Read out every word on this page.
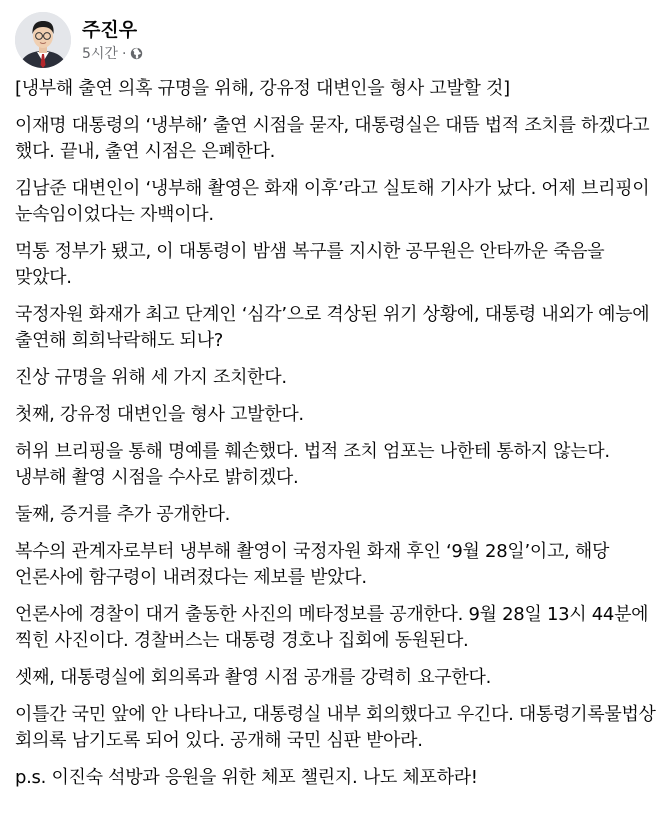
주진우
5시간 ·

[냉부해 출연 의혹 규명을 위해, 강유정 대변인을 형사 고발할 것]

이재명 대통령의 ‘냉부해’ 출연 시점을 묻자, 대통령실은 대뜸 법적 조치를 하겠다고 했다. 끝내, 출연 시점은 은폐한다.

김남준 대변인이 ‘냉부해 촬영은 화재 이후’라고 실토해 기사가 났다. 어제 브리핑이 눈속임이었다는 자백이다.

먹통 정부가 됐고, 이 대통령이 밤샘 복구를 지시한 공무원은 안타까운 죽음을 맞았다.

국정자원 화재가 최고 단계인 ‘심각’으로 격상된 위기 상황에, 대통령 내외가 예능에 출연해 희희낙락해도 되나?

진상 규명을 위해 세 가지 조치한다.

첫째, 강유정 대변인을 형사 고발한다.

허위 브리핑을 통해 명예를 훼손했다. 법적 조치 엄포는 나한테 통하지 않는다. 냉부해 촬영 시점을 수사로 밝히겠다.

둘째, 증거를 추가 공개한다.

복수의 관계자로부터 냉부해 촬영이 국정자원 화재 후인 ‘9월 28일’이고, 해당 언론사에 함구령이 내려졌다는 제보를 받았다.

언론사에 경찰이 대거 출동한 사진의 메타정보를 공개한다. 9월 28일 13시 44분에 찍힌 사진이다. 경찰버스는 대통령 경호나 집회에 동원된다.

셋째, 대통령실에 회의록과 촬영 시점 공개를 강력히 요구한다.

이틀간 국민 앞에 안 나타나고, 대통령실 내부 회의했다고 우긴다. 대통령기록물법상 회의록 남기도록 되어 있다. 공개해 국민 심판 받아라.

p.s. 이진숙 석방과 응원을 위한 체포 챌린지. 나도 체포하라!
